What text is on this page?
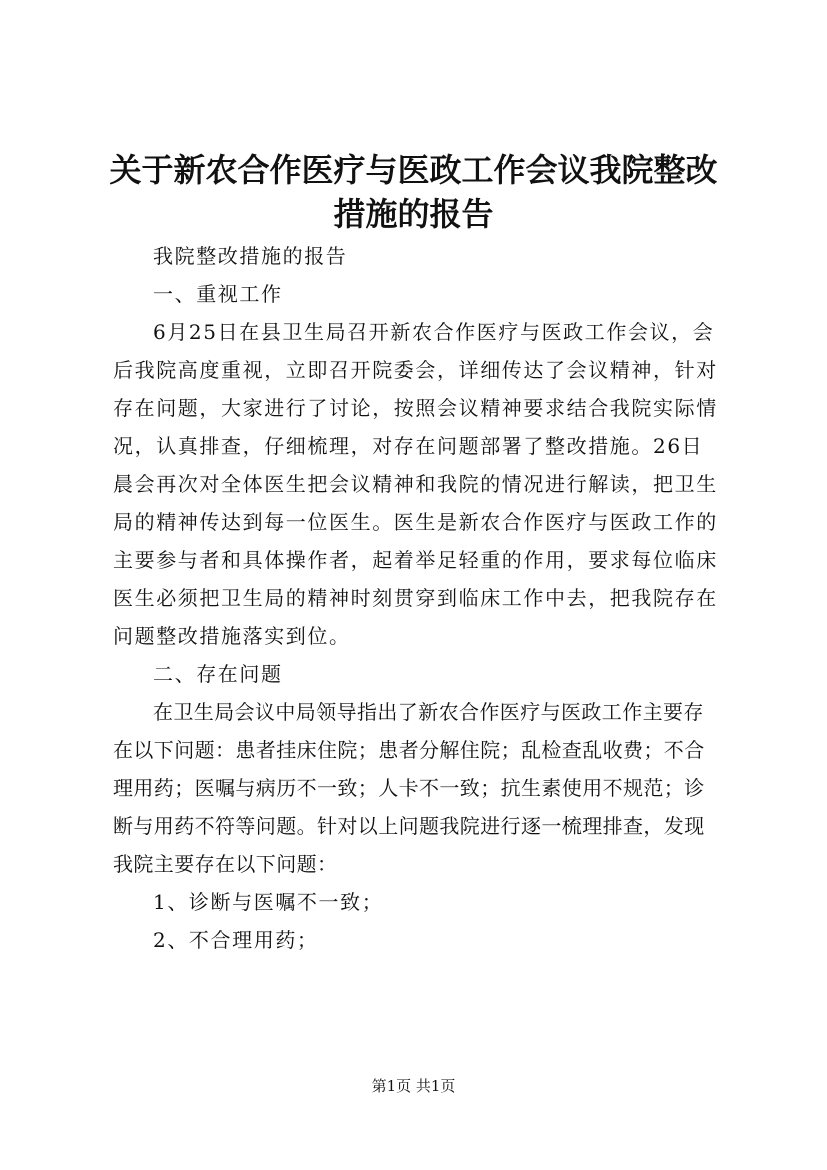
关于新农合作医疗与医政工作会议我院整改措施的报告

我院整改措施的报告

一、重视工作

6月25日在县卫生局召开新农合作医疗与医政工作会议，会后我院高度重视，立即召开院委会，详细传达了会议精神，针对存在问题，大家进行了讨论，按照会议精神要求结合我院实际情况，认真排查，仔细梳理，对存在问题部署了整改措施。26日晨会再次对全体医生把会议精神和我院的情况进行解读，把卫生局的精神传达到每一位医生。医生是新农合作医疗与医政工作的主要参与者和具体操作者，起着举足轻重的作用，要求每位临床医生必须把卫生局的精神时刻贯穿到临床工作中去，把我院存在问题整改措施落实到位。

二、存在问题

在卫生局会议中局领导指出了新农合作医疗与医政工作主要存在以下问题：患者挂床住院；患者分解住院；乱检查乱收费；不合理用药；医嘱与病历不一致；人卡不一致；抗生素使用不规范；诊断与用药不符等问题。针对以上问题我院进行逐一梳理排查，发现我院主要存在以下问题：

1、诊断与医嘱不一致；

2、不合理用药；

第1页 共1页
